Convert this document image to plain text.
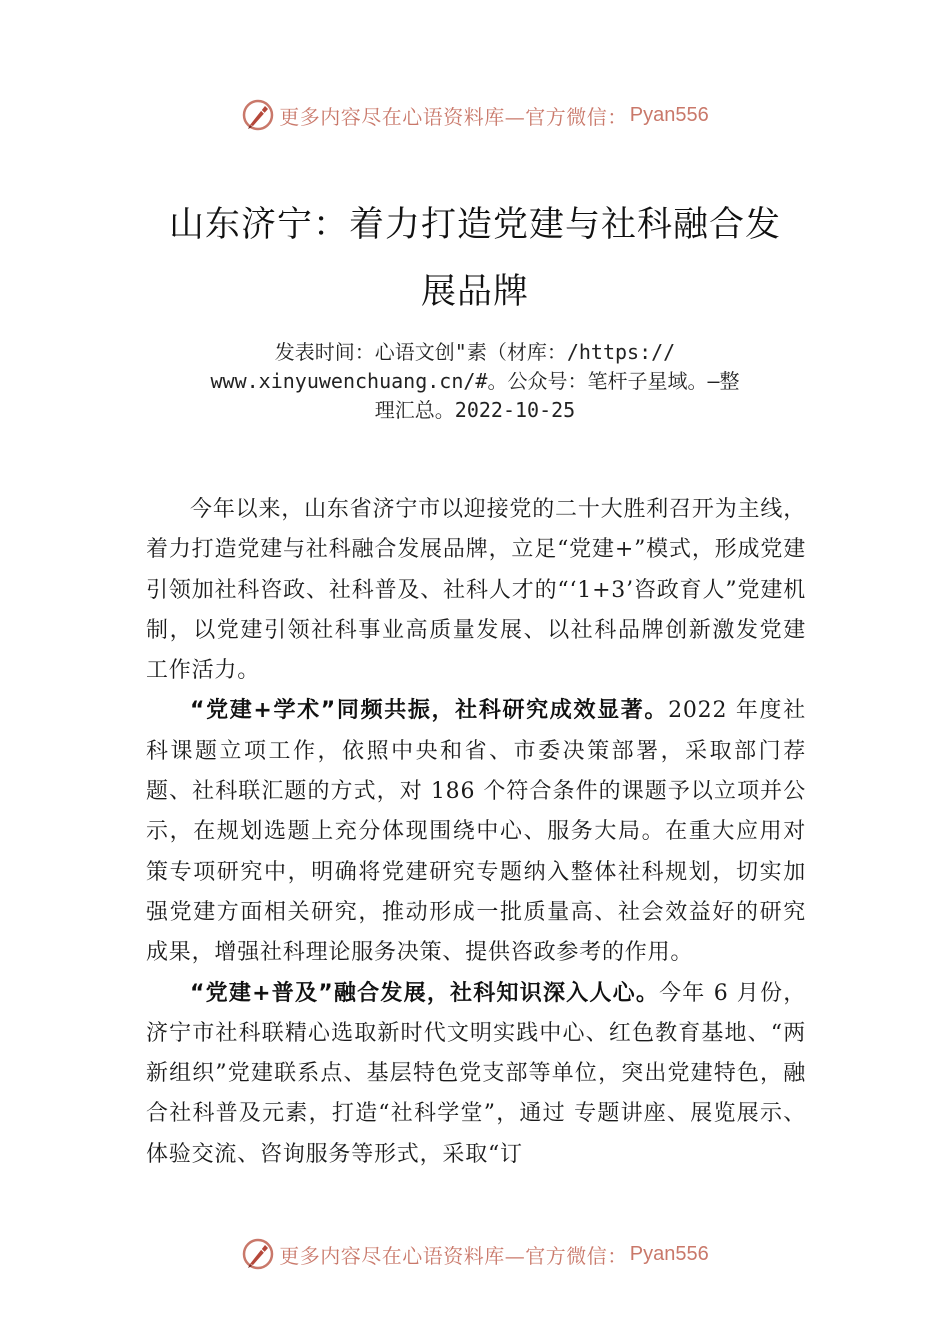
更多内容尽在心语资料库—官方微信： Pyan556
山东济宁：着力打造党建与社科融合发
展品牌
发表时间：心语文创"素（材库：/https://
www.xinyuwenchuang.cn/#。公众号：笔杆子星域。—整
理汇总。2022-10-25

今年以来，山东省济宁市以迎接党的二十大胜利召开为主线，着力打造党建与社科融合发展品牌，立足“党建+”模式，形成党建引领加社科咨政、社科普及、社科人才的“‘1+3’咨政育人”党建机制，以党建引领社科事业高质量发展、以社科品牌创新激发党建工作活力。

“党建+学术”同频共振，社科研究成效显著。2022 年度社科课题立项工作，依照中央和省、市委决策部署，采取部门荐题、社科联汇题的方式，对 186 个符合条件的课题予以立项并公示，在规划选题上充分体现围绕中心、服务大局。在重大应用对策专项研究中，明确将党建研究专题纳入整体社科规划，切实加强党建方面相关研究，推动形成一批质量高、社会效益好的研究成果，增强社科理论服务决策、提供咨政参考的作用。

“党建+普及”融合发展，社科知识深入人心。今年 6 月份，济宁市社科联精心选取新时代文明实践中心、红色教育基地、“两新组织”党建联系点、基层特色党支部等单位，突出党建特色，融合社科普及元素，打造“社科学堂”，通过 专题讲座、展览展示、体验交流、咨询服务等形式，采取“订

更多内容尽在心语资料库—官方微信： Pyan556
